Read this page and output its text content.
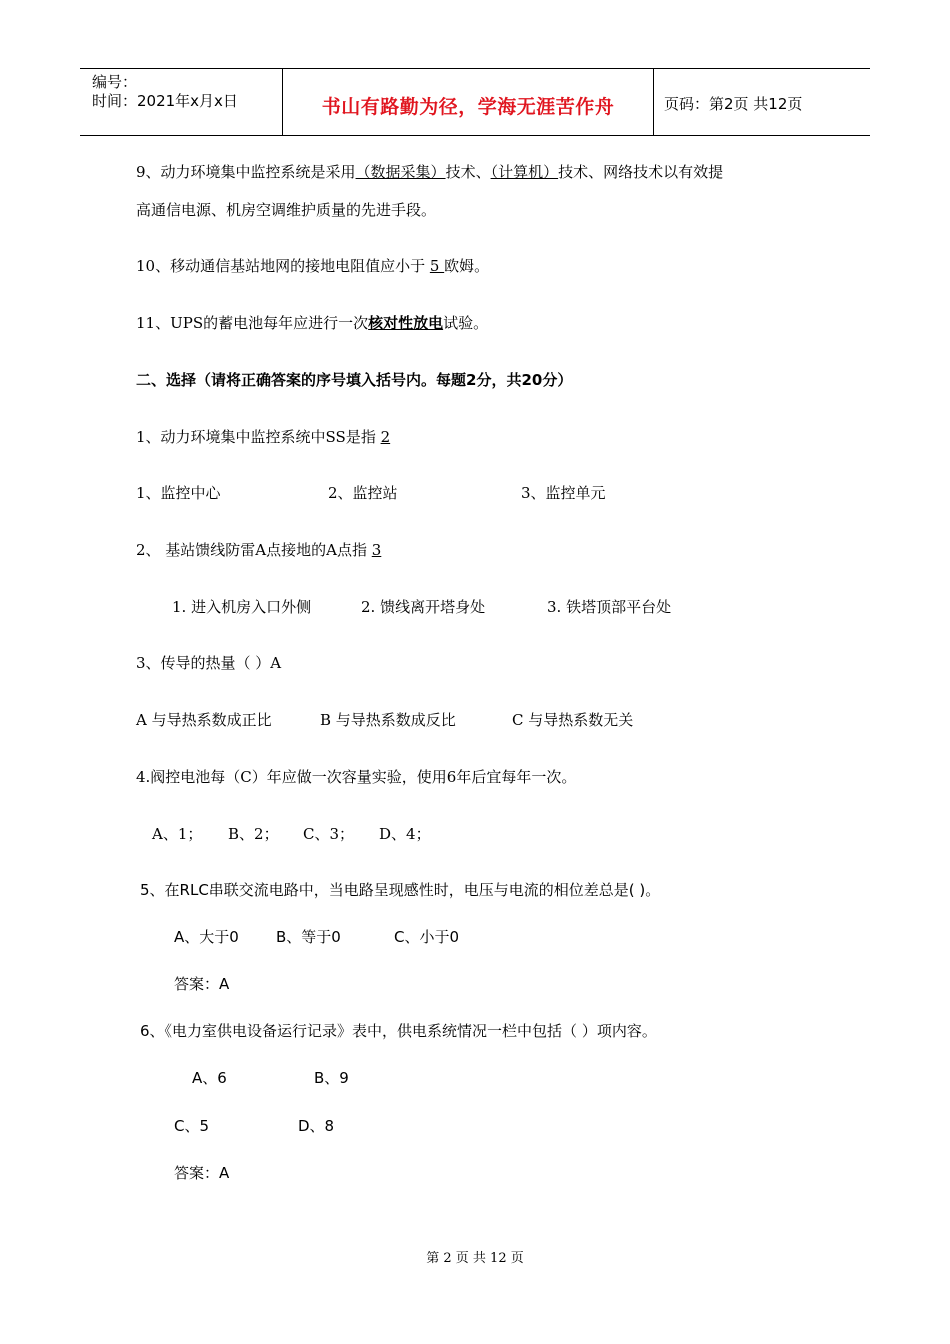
编号：
时间：2021年x月x日	书山有路勤为径，学海无涯苦作舟	页码：第2页 共12页
9、动力环境集中监控系统是采用（数据采集）技术、（计算机）技术、网络技术以有效提
高通信电源、机房空调维护质量的先进手段。
10、移动通信基站地网的接地电阻值应小于 5 欧姆。
11、UPS的蓄电池每年应进行一次核对性放电试验。
二、选择（请将正确答案的序号填入括号内。每题2分，共20分）
1、动力环境集中监控系统中SS是指 2
1、监控中心	2、监控站	3、监控单元
2、 基站馈线防雷A点接地的A点指 3
1. 进入机房入口外侧	2. 馈线离开塔身处	3. 铁塔顶部平台处
3、传导的热量（ ）A
A 与导热系数成正比	B 与导热系数成反比	C 与导热系数无关
4.阀控电池每（C）年应做一次容量实验，使用6年后宜每年一次。
A、1； B、2； C、3； D、4；
5、在RLC串联交流电路中，当电路呈现感性时，电压与电流的相位差总是( )。
A、大于0 B、等于0	C、小于0
答案：A
6、《电力室供电设备运行记录》表中，供电系统情况一栏中包括（ ）项内容。
A、6	B、9
C、5	D、8
答案：A
第 2 页 共 12 页
